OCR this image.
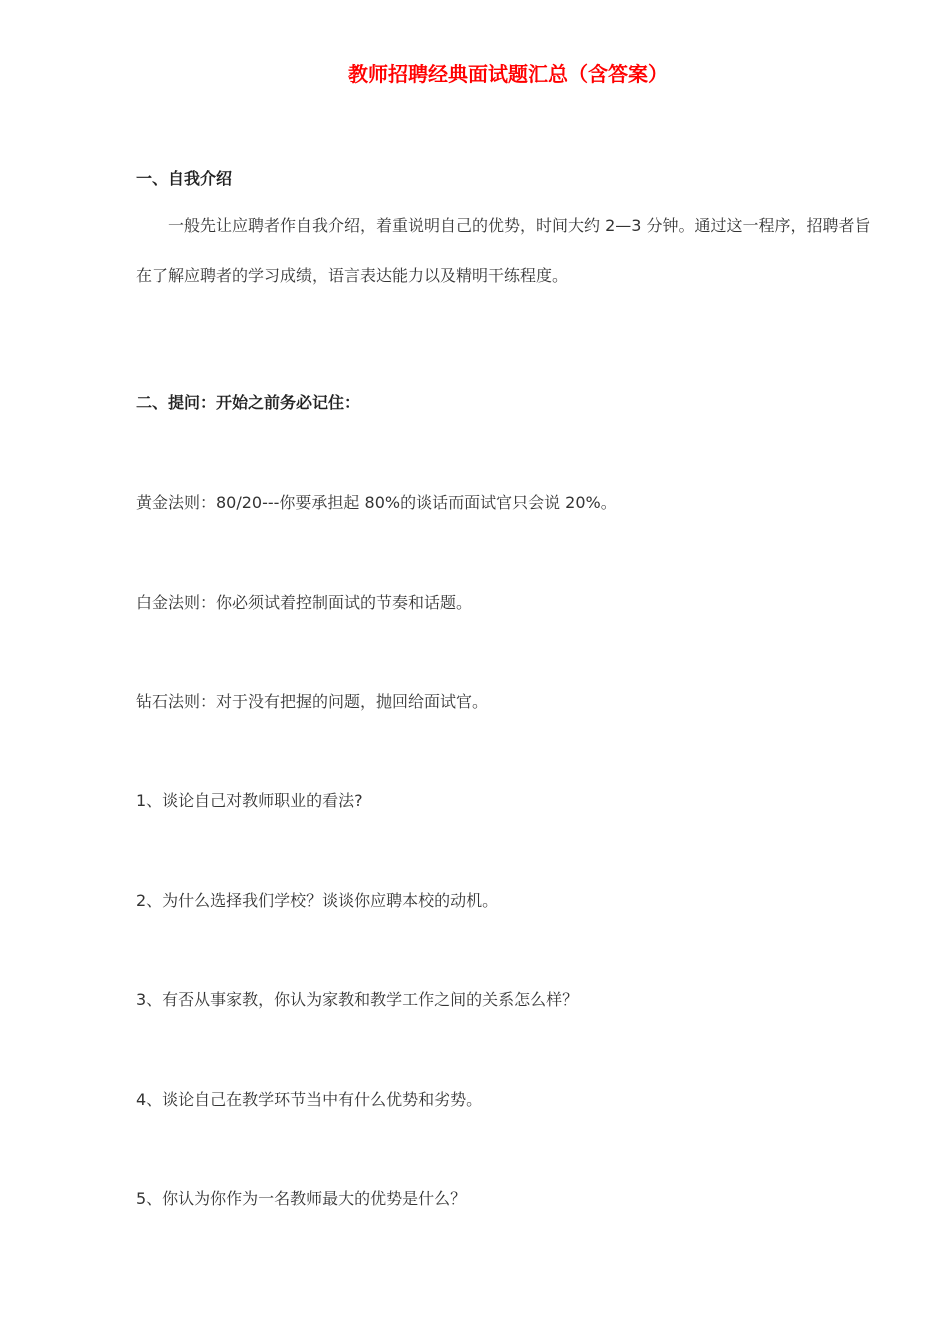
教师招聘经典面试题汇总（含答案）
一、自我介绍
一般先让应聘者作自我介绍，着重说明自己的优势，时间大约 2—3 分钟。通过这一程序，招聘者旨在了解应聘者的学习成绩，语言表达能力以及精明干练程度。
二、提问：开始之前务必记住：
黄金法则：80/20---你要承担起 80%的谈话而面试官只会说 20%。
白金法则：你必须试着控制面试的节奏和话题。
钻石法则：对于没有把握的问题，抛回给面试官。
1、谈论自己对教师职业的看法?
2、为什么选择我们学校？谈谈你应聘本校的动机。
3、有否从事家教，你认为家教和教学工作之间的关系怎么样？
4、谈论自己在教学环节当中有什么优势和劣势。
5、你认为你作为一名教师最大的优势是什么？
